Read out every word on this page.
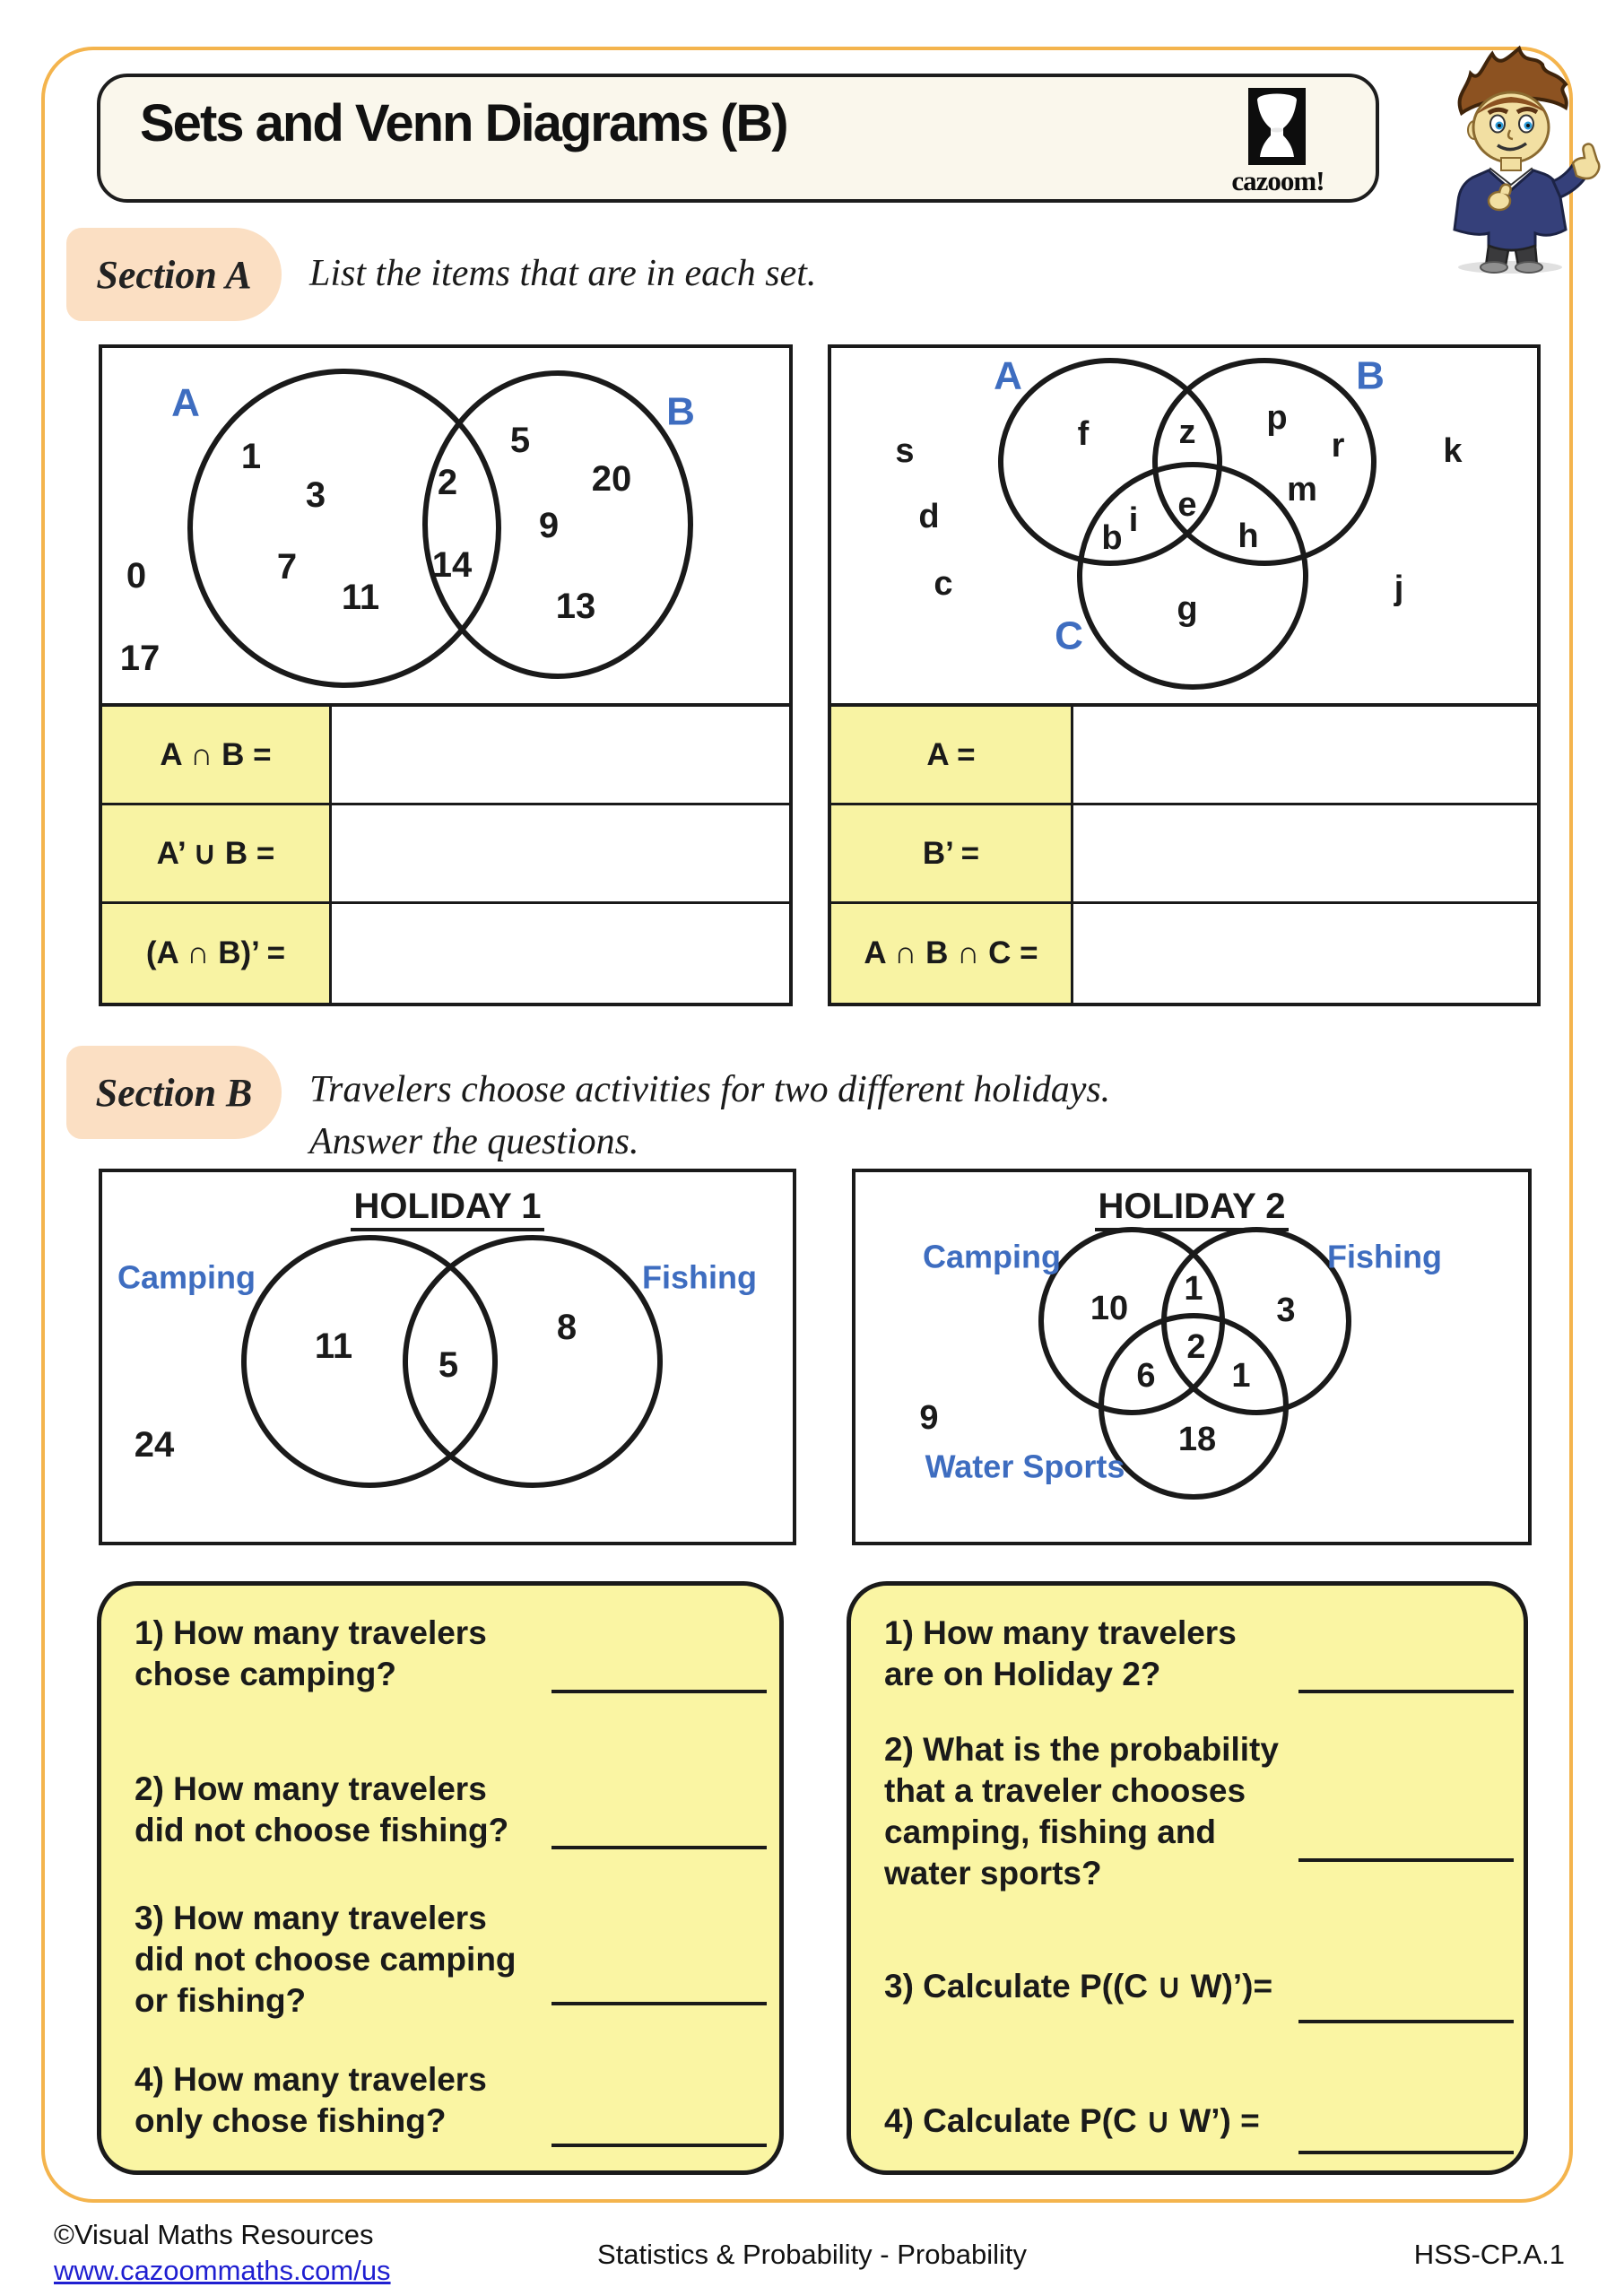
Sets and Venn Diagrams (B)
cazoom!
Section A List the items that are in each set.
A	B
1
3
7
11
2
14
5
20
9
13
0
17
A ∩ B =
A’ ∪ B =
(A ∩ B)’ =
A	B
C
f	z p
r
m
b i e
h
g
s
d
c
k
j
A =
B’ =
A ∩ B ∩ C =
Section B Travelers choose activities for two different holidays.
Answer the questions.
HOLIDAY 1
Camping	Fishing
11 5
8
24
HOLIDAY 2
Camping	Fishing
Water Sports
10
1
3
2
6 1
18
9
1) How many travelers
chose camping?
2) How many travelers
did not choose fishing?
3) How many travelers
did not choose camping
or fishing?
4) How many travelers
only chose fishing?
1) How many travelers
are on Holiday 2?
2) What is the probability
that a traveler chooses
camping, fishing and
water sports?
3) Calculate P((C ∪ W)’)=
4) Calculate P(C ∪ W’) =
©Visual Maths Resources
www.cazoommaths.com/us
Statistics & Probability - Probability	HSS-CP.A.1
